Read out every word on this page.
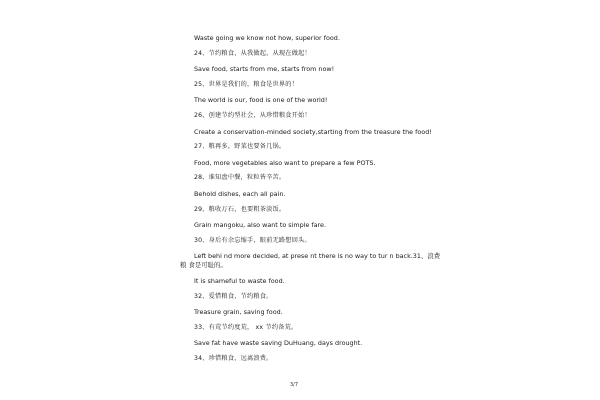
Waste going we know not how, superior food.
24、节约粮食，从我做起，从现在做起！
Save food, starts from me, starts from now!
25、世界是我们的，粮食是世界的！
The world is our, food is one of the world!
26、创建节约型社会，从珍惜粮食开始！
Create a conservation-minded society,starting from the treasure the food!
27、粮再多，野菜也要备几锅。
Food, more vegetables also want to prepare a few POTS.
28、谁知盘中餐，粒粒皆辛苦。
Behold dishes, each all pain.
29、粮收万石，也要粗茶淡饭。
Grain mangoku, also want to simple fare.
30、身后有余忘缩手，眼前无路想回头。
Left behi nd more decided, at prese nt there is no way to tur n back.31、浪费
粮 食是可耻的。
It is shameful to waste food.
32、爱惜粮食，节约粮食。
Treasure grain, saving food.
33、有荒节约度荒， xx 节约备荒。
Save fat have waste saving DuHuang, days drought.
34、珍惜粮食，远离浪费。
3/7
